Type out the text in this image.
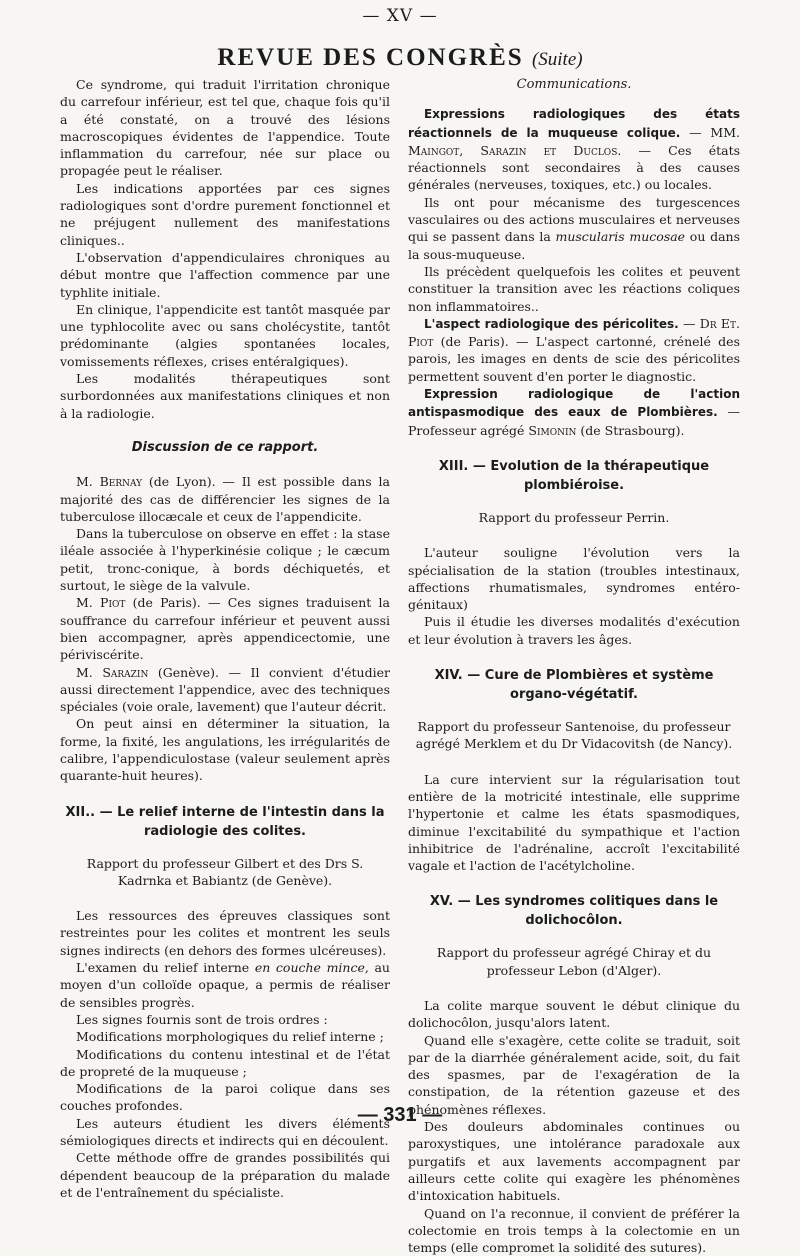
— XV —
REVUE DES CONGRÈS (Suite)

Ce syndrome, qui traduit l'irritation chronique du carrefour inférieur, est tel que, chaque fois qu'il a été constaté, on a trouvé des lésions macroscopiques évidentes de l'appendice. Toute inflammation du carrefour, née sur place ou propagée peut le réaliser.

Les indications apportées par ces signes radiologiques sont d'ordre purement fonctionnel et ne préjugent nullement des manifestations cliniques..

L'observation d'appendiculaires chroniques au début montre que l'affection commence par une typhlite initiale.

En clinique, l'appendicite est tantôt masquée par une typhlocolite avec ou sans cholécystite, tantôt prédominante (algies spontanées locales, vomissements réflexes, crises entéralgiques).

Les modalités thérapeutiques sont surbordonnées aux manifestations cliniques et non à la radiologie.

Discussion de ce rapport.

M. Bernay (de Lyon). — Il est possible dans la majorité des cas de différencier les signes de la tuberculose illocæcale et ceux de l'appendicite.

Dans la tuberculose on observe en effet : la stase iléale associée à l'hyperkinésie colique ; le cæcum petit, tronc-conique, à bords déchiquetés, et surtout, le siège de la valvule.

M. Piot (de Paris). — Ces signes traduisent la souffrance du carrefour inférieur et peuvent aussi bien accompagner, après appendicectomie, une périviscérite.

M. Sarazin (Genève). — Il convient d'étudier aussi directement l'appendice, avec des techniques spéciales (voie orale, lavement) que l'auteur décrit.

On peut ainsi en déterminer la situation, la forme, la fixité, les angulations, les irrégularités de calibre, l'appendiculostase (valeur seulement après quarante-huit heures).

XII.. — Le relief interne de l'intestin dans la radiologie des colites.

Rapport du professeur Gilbert et des Drs S. Kadrnka et Babiantz (de Genève).

Les ressources des épreuves classiques sont restreintes pour les colites et montrent les seuls signes indirects (en dehors des formes ulcéreuses).

L'examen du relief interne en couche mince, au moyen d'un colloïde opaque, a permis de réaliser de sensibles progrès.

Les signes fournis sont de trois ordres :

Modifications morphologiques du relief interne ;

Modifications du contenu intestinal et de l'état de propreté de la muqueuse ;

Modifications de la paroi colique dans ses couches profondes.

Les auteurs étudient les divers éléments sémiologiques directs et indirects qui en découlent.

Cette méthode offre de grandes possibilités qui dépendent beaucoup de la préparation du malade et de l'entraînement du spécialiste.

Communications.

Expressions radiologiques des états réactionnels de la muqueuse colique. — MM. Maingot, Sarazin et Duclos. — Ces états réactionnels sont secondaires à des causes générales (nerveuses, toxiques, etc.) ou locales.

Ils ont pour mécanisme des turgescences vasculaires ou des actions musculaires et nerveuses qui se passent dans la muscularis mucosae ou dans la sous-muqueuse.

Ils précèdent quelquefois les colites et peuvent constituer la transition avec les réactions coliques non inflammatoires..

L'aspect radiologique des péricolites. — Dr Et. Piot (de Paris). — L'aspect cartonné, crénelé des parois, les images en dents de scie des péricolites permettent souvent d'en porter le diagnostic.

Expression radiologique de l'action antispasmodique des eaux de Plombières. — Professeur agrégé Simonin (de Strasbourg).

XIII. — Evolution de la thérapeutique plombiéroise.

Rapport du professeur Perrin.

L'auteur souligne l'évolution vers la spécialisation de la station (troubles intestinaux, affections rhumatismales, syndromes entéro-génitaux)

Puis il étudie les diverses modalités d'exécution et leur évolution à travers les âges.

XIV. — Cure de Plombières et système organo-végétatif.

Rapport du professeur Santenoise, du professeur agrégé Merklem et du Dr Vidacovitsh (de Nancy).

La cure intervient sur la régularisation tout entière de la motricité intestinale, elle supprime l'hypertonie et calme les états spasmodiques, diminue l'excitabilité du sympathique et l'action inhibitrice de l'adrénaline, accroît l'excitabilité vagale et l'action de l'acétylcholine.

XV. — Les syndromes colitiques dans le dolichocôlon.

Rapport du professeur agrégé Chiray et du professeur Lebon (d'Alger).

La colite marque souvent le début clinique du dolichocôlon, jusqu'alors latent.

Quand elle s'exagère, cette colite se traduit, soit par de la diarrhée généralement acide, soit, du fait des spasmes, par de l'exagération de la constipation, de la rétention gazeuse et des phénomènes réflexes.

Des douleurs abdominales continues ou paroxystiques, une intolérance paradoxale aux purgatifs et aux lavements accompagnent par ailleurs cette colite qui exagère les phénomènes d'intoxication habituels.

Quand on l'a reconnue, il convient de préférer la colectomie en trois temps à la colectomie en un temps (elle compromet la solidité des sutures).

— 331 —
